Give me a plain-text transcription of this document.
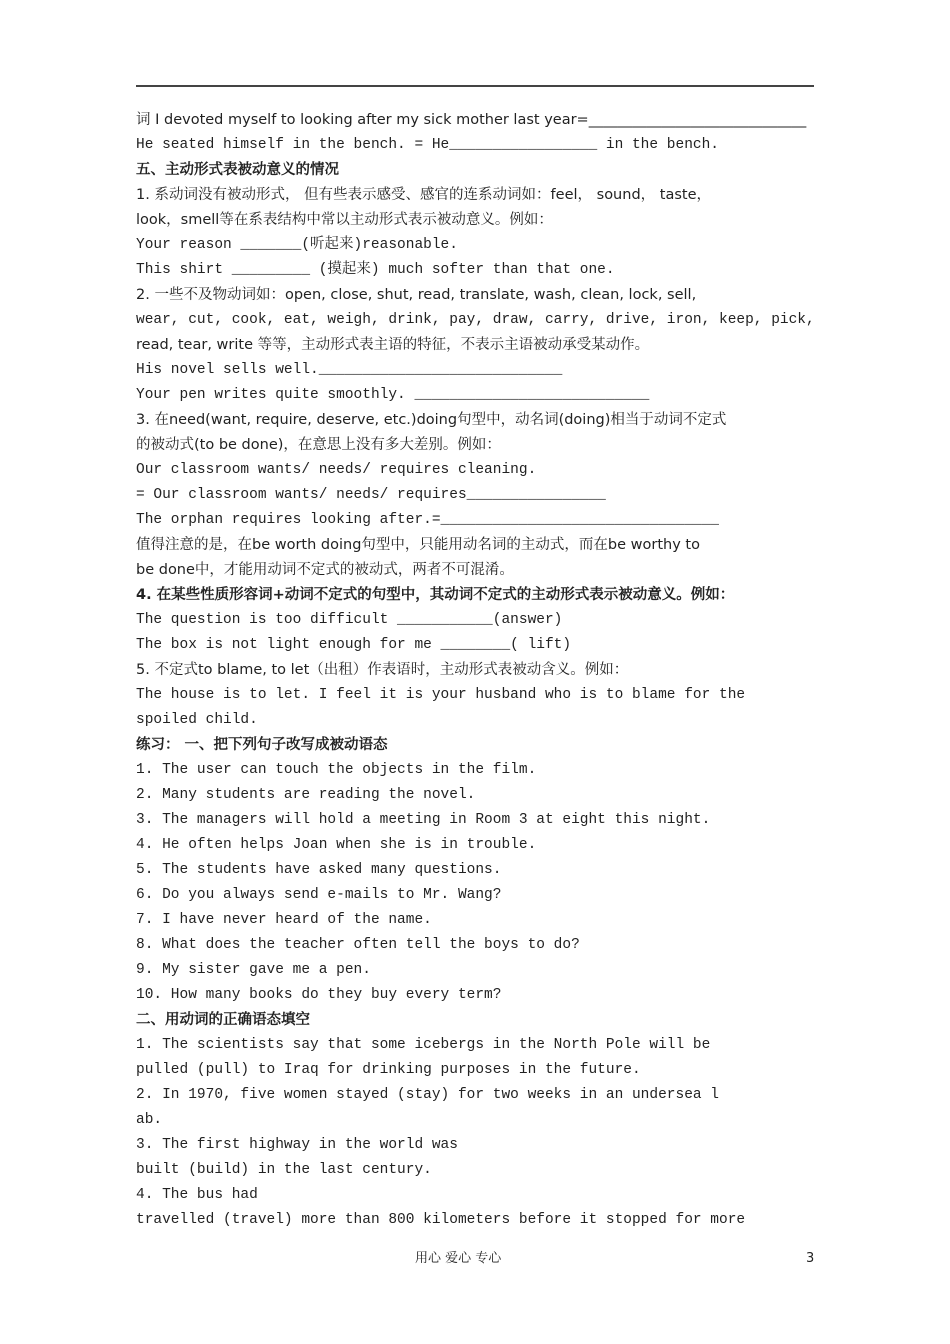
词 I devoted myself to looking after my sick mother last year=______________________________
He seated himself in the bench. = He_________________ in the bench.
五、主动形式表被动意义的情况
1. 系动词没有被动形式， 但有些表示感受、感官的连系动词如：feel， sound， taste，
look，smell等在系表结构中常以主动形式表示被动意义。例如：
Your reason _______(听起来)reasonable.
This shirt _________ (摸起来) much softer than that one.
2. 一些不及物动词如：open, close, shut, read, translate, wash, clean, lock, sell,
wear, cut, cook, eat, weigh, drink, pay, draw, carry, drive, iron, keep, pick,
read, tear, write 等等，主动形式表主语的特征，不表示主语被动承受某动作。
His novel sells well.____________________________
Your pen writes quite smoothly. ___________________________
3. 在need(want, require, deserve, etc.)doing句型中，动名词(doing)相当于动词不定式
的被动式(to be done)，在意思上没有多大差别。例如：
Our classroom wants/ needs/ requires cleaning.
= Our classroom wants/ needs/ requires________________
The orphan requires looking after.=________________________________
值得注意的是，在be worth doing句型中，只能用动名词的主动式，而在be worthy to
be done中，才能用动词不定式的被动式，两者不可混淆。
4. 在某些性质形容词+动词不定式的句型中，其动词不定式的主动形式表示被动意义。例如：
The question is too difficult ___________(answer)
The box is not light enough for me ________( lift)
5. 不定式to blame, to let（出租）作表语时，主动形式表被动含义。例如：
The house is to let. I feel it is your husband who is to blame for the
spoiled child.
练习： 一、把下列句子改写成被动语态
1. The user can touch the objects in the film.
2. Many students are reading the novel.
3. The managers will hold a meeting in Room 3 at eight this night.
4. He often helps Joan when she is in trouble.
5. The students have asked many questions.
6. Do you always send e-mails to Mr. Wang?
7. I have never heard of the name.
8. What does the teacher often tell the boys to do?
9. My sister gave me a pen.
10. How many books do they buy every term?
二、用动词的正确语态填空
1. The scientists say that some icebergs in the North Pole will be
pulled (pull) to Iraq for drinking purposes in the future.
2. In 1970, five women stayed (stay) for two weeks in an undersea l
ab.
3. The first highway in the world was
built (build) in the last century.
4. The bus had
travelled (travel) more than 800 kilometers before it stopped for more
用心 爱心 专心	3
